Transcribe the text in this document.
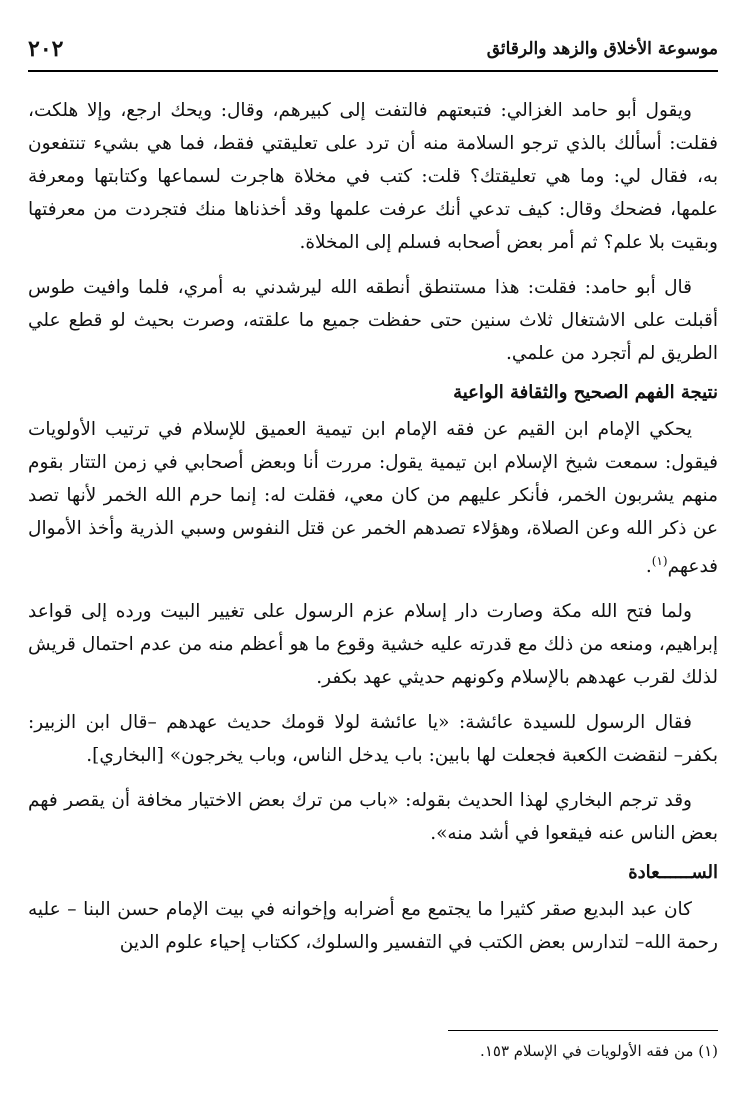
موسوعة الأخلاق والزهد والرقائق
٢٠٢

ويقول أبو حامد الغزالي: فتبعتهم فالتفت إلى كبيرهم، وقال: ويحك ارجع، وإلا هلكت، فقلت: أسألك بالذي ترجو السلامة منه أن ترد على تعليقتي فقط، فما هي بشيء تنتفعون به، فقال لي: وما هي تعليقتك؟ قلت: كتب في مخلاة هاجرت لسماعها وكتابتها ومعرفة علمها، فضحك وقال: كيف تدعي أنك عرفت علمها وقد أخذناها منك فتجردت من معرفتها وبقيت بلا علم؟ ثم أمر بعض أصحابه فسلم إلى المخلاة.

قال أبو حامد: فقلت: هذا مستنطق أنطقه الله ليرشدني به أمري، فلما وافيت طوس أقبلت على الاشتغال ثلاث سنين حتى حفظت جميع ما علقته، وصرت بحيث لو قطع علي الطريق لم أتجرد من علمي.

نتيجة الفهم الصحيح والثقافة الواعية

يحكي الإمام ابن القيم عن فقه الإمام ابن تيمية العميق للإسلام في ترتيب الأولويات فيقول: سمعت شيخ الإسلام ابن تيمية يقول: مررت أنا وبعض أصحابي في زمن التتار بقوم منهم يشربون الخمر، فأنكر عليهم من كان معي، فقلت له: إنما حرم الله الخمر لأنها تصد عن ذكر الله وعن الصلاة، وهؤلاء تصدهم الخمر عن قتل النفوس وسبي الذرية وأخذ الأموال فدعهم$^{(١)}$.

ولما فتح الله مكة وصارت دار إسلام عزم الرسول على تغيير البيت ورده إلى قواعد إبراهيم، ومنعه من ذلك مع قدرته عليه خشية وقوع ما هو أعظم منه من عدم احتمال قريش لذلك لقرب عهدهم بالإسلام وكونهم حديثي عهد بكفر.

فقال الرسول للسيدة عائشة: «يا عائشة لولا قومك حديث عهدهم –قال ابن الزبير: بكفر– لنقضت الكعبة فجعلت لها بابين: باب يدخل الناس، وباب يخرجون» [البخاري].

وقد ترجم البخاري لهذا الحديث بقوله: «باب من ترك بعض الاختيار مخافة أن يقصر فهم بعض الناس عنه فيقعوا في أشد منه».

الســــــعادة

كان عبد البديع صقر كثيرا ما يجتمع مع أضرابه وإخوانه في بيت الإمام حسن البنا – عليه رحمة الله– لتدارس بعض الكتب في التفسير والسلوك، ككتاب إحياء علوم الدين

(١) من فقه الأولويات في الإسلام ١٥٣.
